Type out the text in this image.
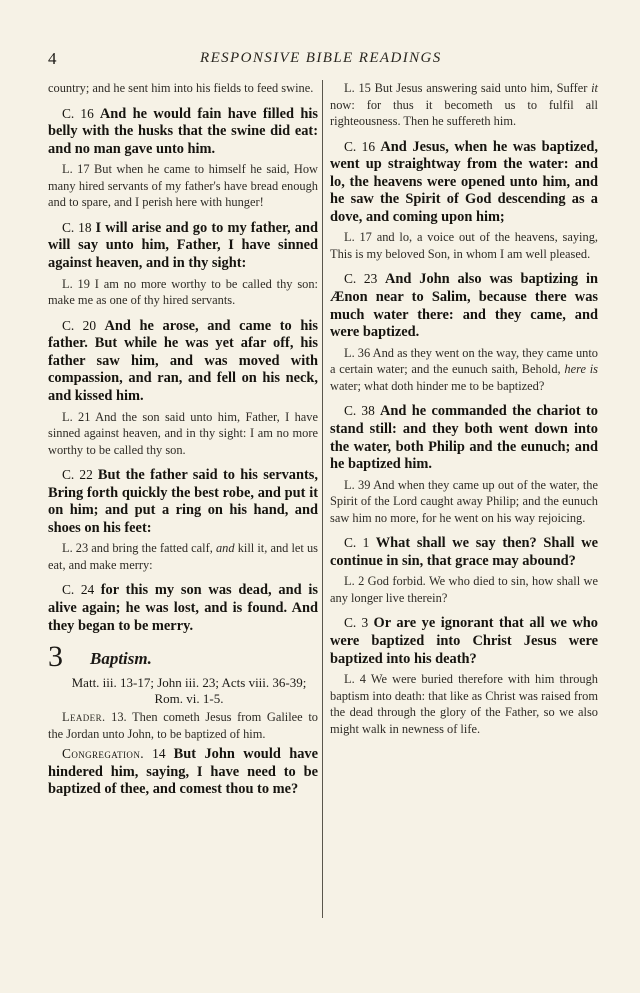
4	RESPONSIVE BIBLE READINGS

country; and he sent him into his fields to feed swine.

C. 16 And he would fain have filled his belly with the husks that the swine did eat: and no man gave unto him.

L. 17 But when he came to himself he said, How many hired servants of my father's have bread enough and to spare, and I perish here with hunger!

C. 18 I will arise and go to my father, and will say unto him, Father, I have sinned against heaven, and in thy sight:

L. 19 I am no more worthy to be called thy son: make me as one of thy hired servants.

C. 20 And he arose, and came to his father. But while he was yet afar off, his father saw him, and was moved with compassion, and ran, and fell on his neck, and kissed him.

L. 21 And the son said unto him, Father, I have sinned against heaven, and in thy sight: I am no more worthy to be called thy son.

C. 22 But the father said to his servants, Bring forth quickly the best robe, and put it on him; and put a ring on his hand, and shoes on his feet:

L. 23 and bring the fatted calf, and kill it, and let us eat, and make merry:

C. 24 for this my son was dead, and is alive again; he was lost, and is found. And they began to be merry.

3 Baptism.

Matt. iii. 13-17; John iii. 23; Acts viii. 36-39; Rom. vi. 1-5.

Leader. 13. Then cometh Jesus from Galilee to the Jordan unto John, to be baptized of him.

Congregation. 14 But John would have hindered him, saying, I have need to be baptized of thee, and comest thou to me?

L. 15 But Jesus answering said unto him, Suffer it now: for thus it becometh us to fulfil all righteousness. Then he suffereth him.

C. 16 And Jesus, when he was baptized, went up straightway from the water: and lo, the heavens were opened unto him, and he saw the Spirit of God descending as a dove, and coming upon him;

L. 17 and lo, a voice out of the heavens, saying, This is my beloved Son, in whom I am well pleased.

C. 23 And John also was baptizing in Ænon near to Salim, because there was much water there: and they came, and were baptized.

L. 36 And as they went on the way, they came unto a certain water; and the eunuch saith, Behold, here is water; what doth hinder me to be baptized?

C. 38 And he commanded the chariot to stand still: and they both went down into the water, both Philip and the eunuch; and he baptized him.

L. 39 And when they came up out of the water, the Spirit of the Lord caught away Philip; and the eunuch saw him no more, for he went on his way rejoicing.

C. 1 What shall we say then? Shall we continue in sin, that grace may abound?

L. 2 God forbid. We who died to sin, how shall we any longer live therein?

C. 3 Or are ye ignorant that all we who were baptized into Christ Jesus were baptized into his death?

L. 4 We were buried therefore with him through baptism into death: that like as Christ was raised from the dead through the glory of the Father, so we also might walk in newness of life.
